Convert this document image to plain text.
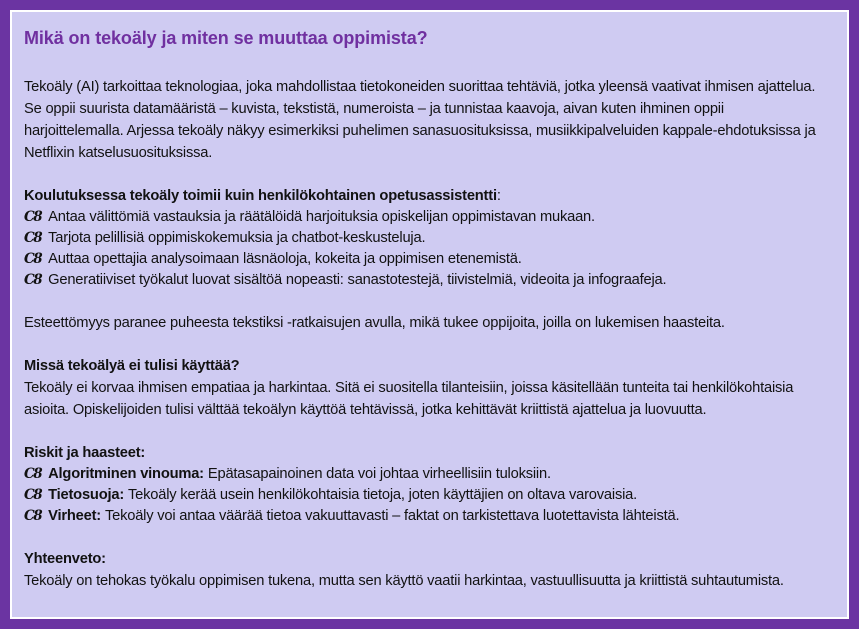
Mikä on tekoäly ja miten se muuttaa oppimista?

Tekoäly (AI) tarkoittaa teknologiaa, joka mahdollistaa tietokoneiden suorittaa tehtäviä, jotka yleensä vaativat ihmisen ajattelua. Se oppii suurista datamääristä – kuvista, tekstistä, numeroista – ja tunnistaa kaavoja, aivan kuten ihminen oppii harjoittelemalla. Arjessa tekoäly näkyy esimerkiksi puhelimen sanasuosituksissa, musiikkipalveluiden kappale-ehdotuksissa ja Netflixin katselusuosituksissa.

Koulutuksessa tekoäly toimii kuin henkilökohtainen opetusassistentti:
C8 Antaa välittömiä vastauksia ja räätälöidä harjoituksia opiskelijan oppimistavan mukaan.
C8 Tarjota pelillisiä oppimiskokemuksia ja chatbot-keskusteluja.
C8 Auttaa opettajia analysoimaan läsnäoloja, kokeita ja oppimisen etenemistä.
C8 Generatiiviset työkalut luovat sisältöä nopeasti: sanastotestejä, tiivistelmiä, videoita ja infograafeja.

Esteettömyys paranee puheesta tekstiksi -ratkaisujen avulla, mikä tukee oppijoita, joilla on lukemisen haasteita.

Missä tekoälyä ei tulisi käyttää?

Tekoäly ei korvaa ihmisen empatiaa ja harkintaa. Sitä ei suositella tilanteisiin, joissa käsitellään tunteita tai henkilökohtaisia asioita. Opiskelijoiden tulisi välttää tekoälyn käyttöä tehtävissä, jotka kehittävät kriittistä ajattelua ja luovuutta.

Riskit ja haasteet:
C8 Algoritminen vinouma: Epätasapainoinen data voi johtaa virheellisiin tuloksiin.
C8 Tietosuoja: Tekoäly kerää usein henkilökohtaisia tietoja, joten käyttäjien on oltava varovaisia.
C8 Virheet: Tekoäly voi antaa väärää tietoa vakuuttavasti – faktat on tarkistettava luotettavista lähteistä.
Yhteenveto:

Tekoäly on tehokas työkalu oppimisen tukena, mutta sen käyttö vaatii harkintaa, vastuullisuutta ja kriittistä suhtautumista.
